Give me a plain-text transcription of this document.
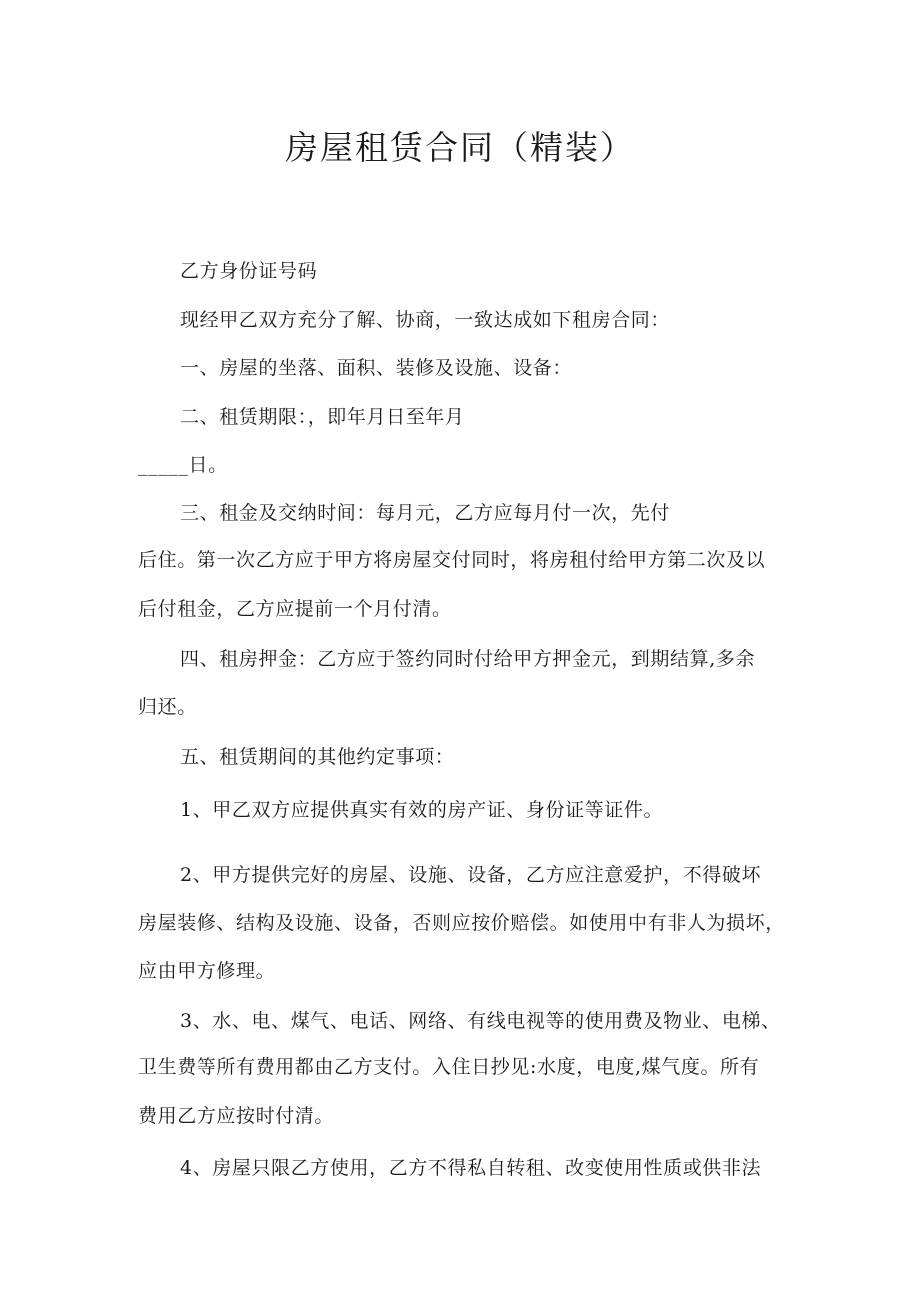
房屋租赁合同（精装）
乙方身份证号码
现经甲乙双方充分了解、协商，一致达成如下租房合同：
一、房屋的坐落、面积、装修及设施、设备：
二、租赁期限：，即年月日至年月
_____日。
三、租金及交纳时间：每月元，乙方应每月付一次，先付
后住。第一次乙方应于甲方将房屋交付同时，将房租付给甲方第二次及以
后付租金，乙方应提前一个月付清。
四、租房押金：乙方应于签约同时付给甲方押金元，到期结算,多余
归还。
五、租赁期间的其他约定事项：
1、甲乙双方应提供真实有效的房产证、身份证等证件。
2、甲方提供完好的房屋、设施、设备，乙方应注意爱护，不得破坏
房屋装修、结构及设施、设备，否则应按价赔偿。如使用中有非人为损坏，
应由甲方修理。
3、水、电、煤气、电话、网络、有线电视等的使用费及物业、电梯、
卫生费等所有费用都由乙方支付。入住日抄见:水度，电度,煤气度。所有
费用乙方应按时付清。
4、房屋只限乙方使用，乙方不得私自转租、改变使用性质或供非法
